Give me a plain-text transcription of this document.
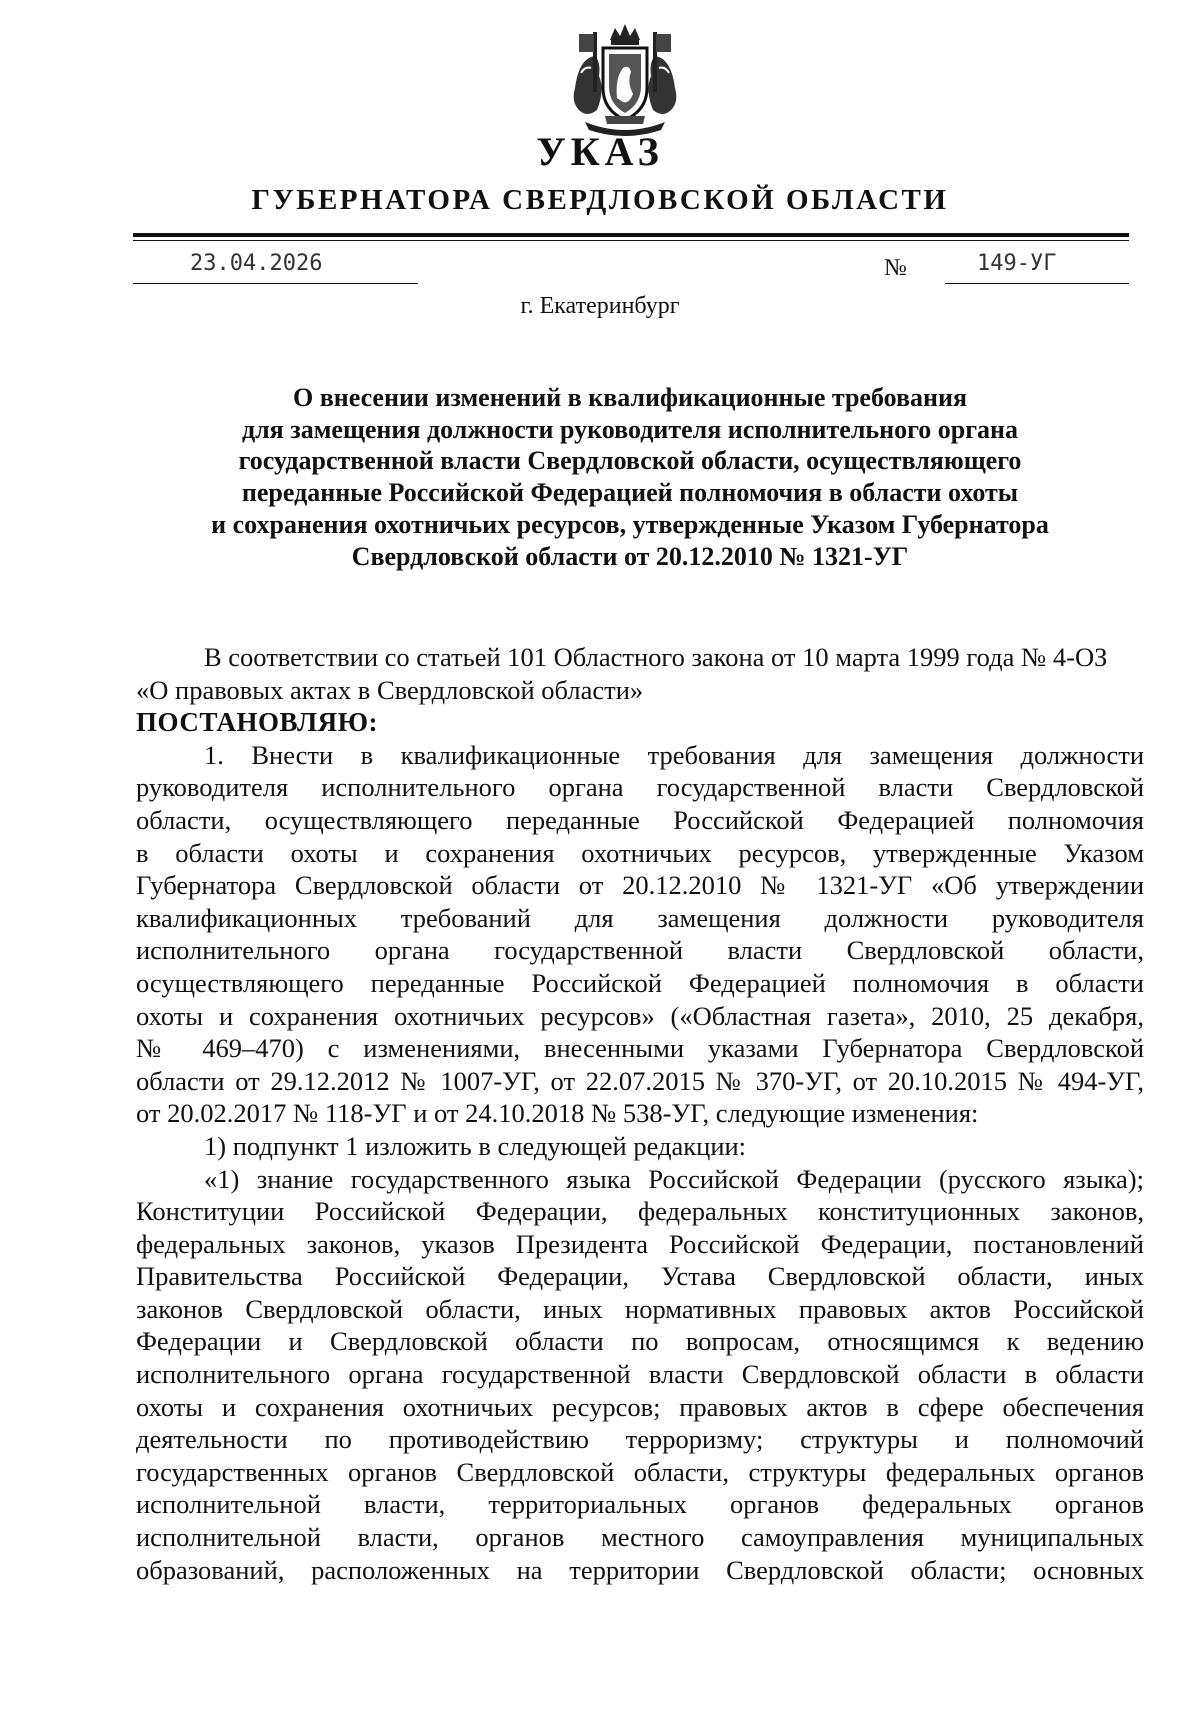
УКАЗ
ГУБЕРНАТОРА СВЕРДЛОВСКОЙ ОБЛАСТИ
23.04.2026	№	149-УГ
г. Екатеринбург
О внесении изменений в квалификационные требования
для замещения должности руководителя исполнительного органа
государственной власти Свердловской области, осуществляющего
переданные Российской Федерацией полномочия в области охоты
и сохранения охотничьих ресурсов, утвержденные Указом Губернатора
Свердловской области от 20.12.2010 № 1321-УГ
В соответствии со статьей 101 Областного закона от 10 марта 1999 года № 4-ОЗ
«О правовых актах в Свердловской области»
ПОСТАНОВЛЯЮ:
1. Внести в квалификационные требования для замещения должности
руководителя исполнительного органа государственной власти Свердловской
области, осуществляющего переданные Российской Федерацией полномочия
в области охоты и сохранения охотничьих ресурсов, утвержденные Указом
Губернатора Свердловской области от 20.12.2010 № 1321-УГ «Об утверждении
квалификационных требований для замещения должности руководителя
исполнительного органа государственной власти Свердловской области,
осуществляющего переданные Российской Федерацией полномочия в области
охоты и сохранения охотничьих ресурсов» («Областная газета», 2010, 25 декабря,
№ 469–470) с изменениями, внесенными указами Губернатора Свердловской
области от 29.12.2012 № 1007-УГ, от 22.07.2015 № 370-УГ, от 20.10.2015 № 494-УГ,
от 20.02.2017 № 118-УГ и от 24.10.2018 № 538-УГ, следующие изменения:
1) подпункт 1 изложить в следующей редакции:
«1) знание государственного языка Российской Федерации (русского языка);
Конституции Российской Федерации, федеральных конституционных законов,
федеральных законов, указов Президента Российской Федерации, постановлений
Правительства Российской Федерации, Устава Свердловской области, иных
законов Свердловской области, иных нормативных правовых актов Российской
Федерации и Свердловской области по вопросам, относящимся к ведению
исполнительного органа государственной власти Свердловской области в области
охоты и сохранения охотничьих ресурсов; правовых актов в сфере обеспечения
деятельности по противодействию терроризму; структуры и полномочий
государственных органов Свердловской области, структуры федеральных органов
исполнительной власти, территориальных органов федеральных органов
исполнительной власти, органов местного самоуправления муниципальных
образований, расположенных на территории Свердловской области; основных
